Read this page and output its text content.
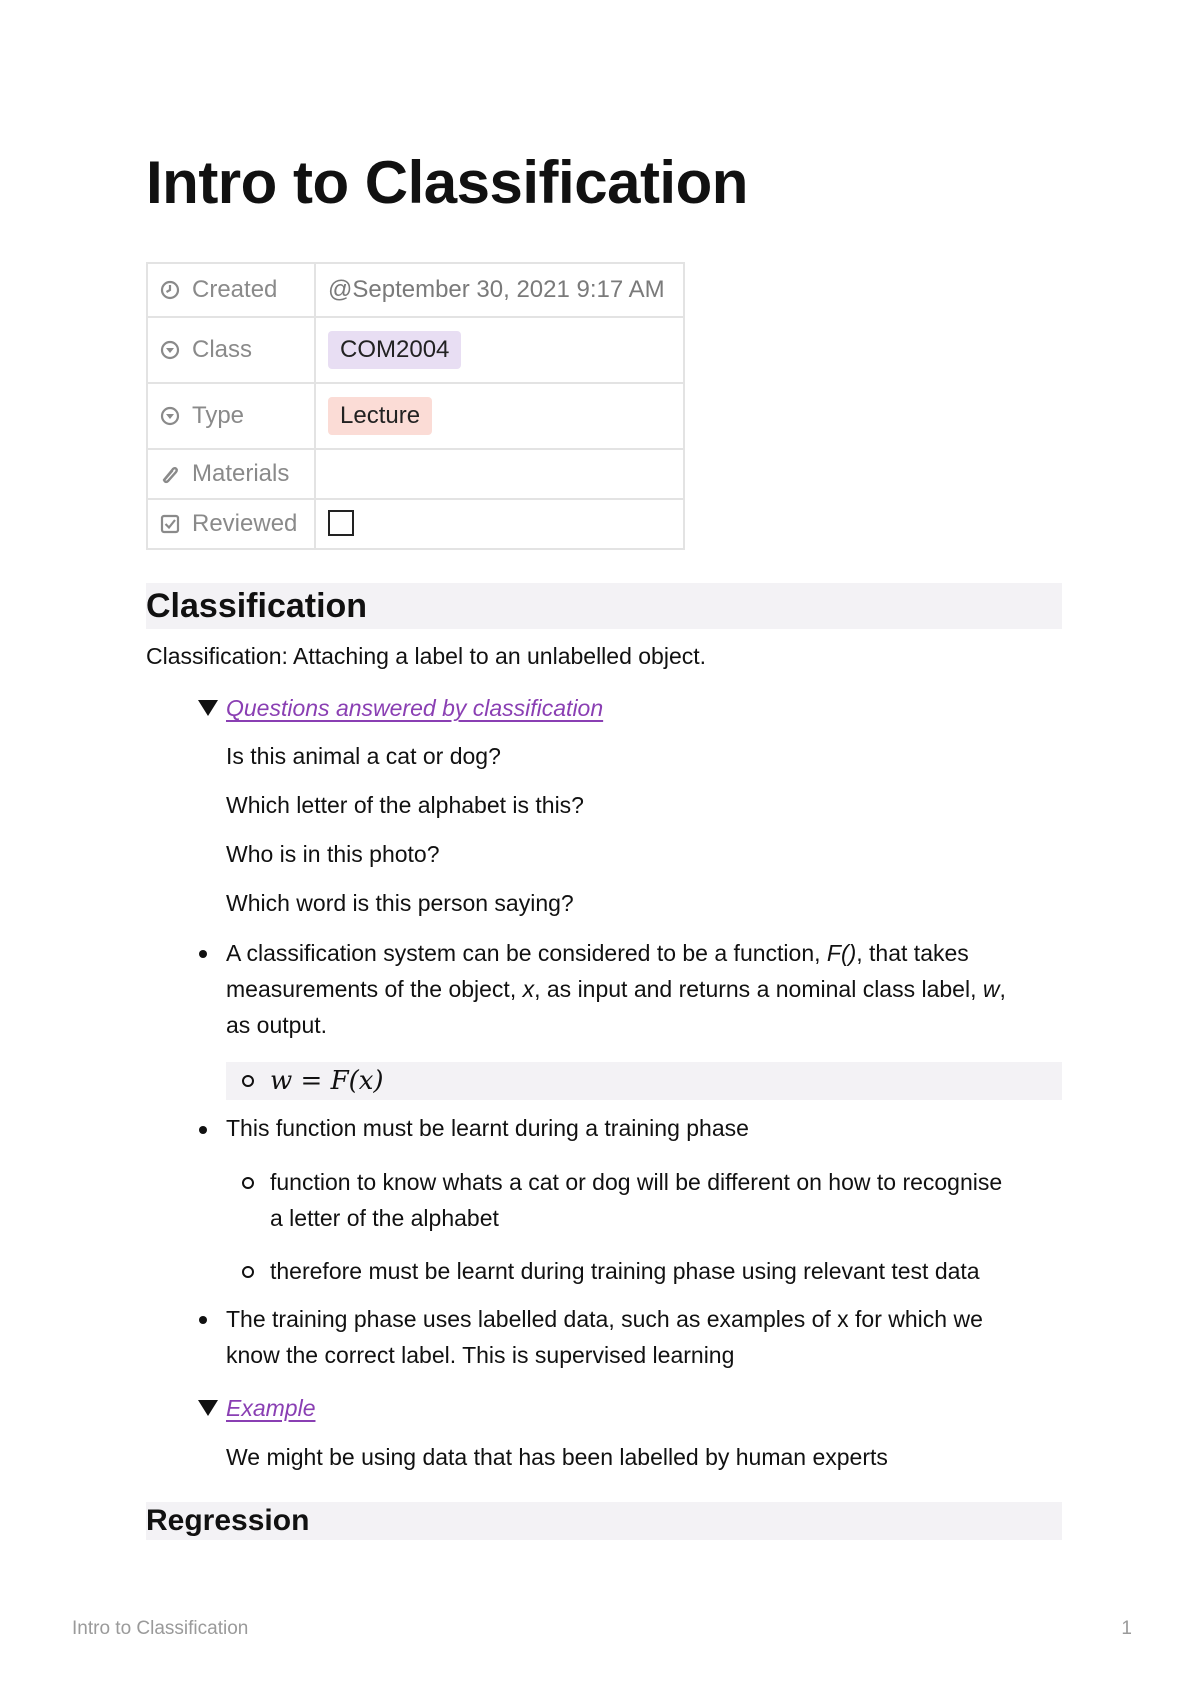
Intro to Classification
Created	@September 30, 2021 9:17 AM
Class	COM2004
Type	Lecture
Materials	
Reviewed	
Classification
Classification: Attaching a label to an unlabelled object.
Questions answered by classification
Is this animal a cat or dog?
Which letter of the alphabet is this?
Who is in this photo?
Which word is this person saying?
A classification system can be considered to be a function, F(), that takes
measurements of the object, x, as input and returns a nominal class label, w,
as output.
w = F(x)
This function must be learnt during a training phase
function to know whats a cat or dog will be different on how to recognise
a letter of the alphabet
therefore must be learnt during training phase using relevant test data
The training phase uses labelled data, such as examples of x for which we
know the correct label. This is supervised learning
Example
We might be using data that has been labelled by human experts
Regression
Intro to Classification	1
